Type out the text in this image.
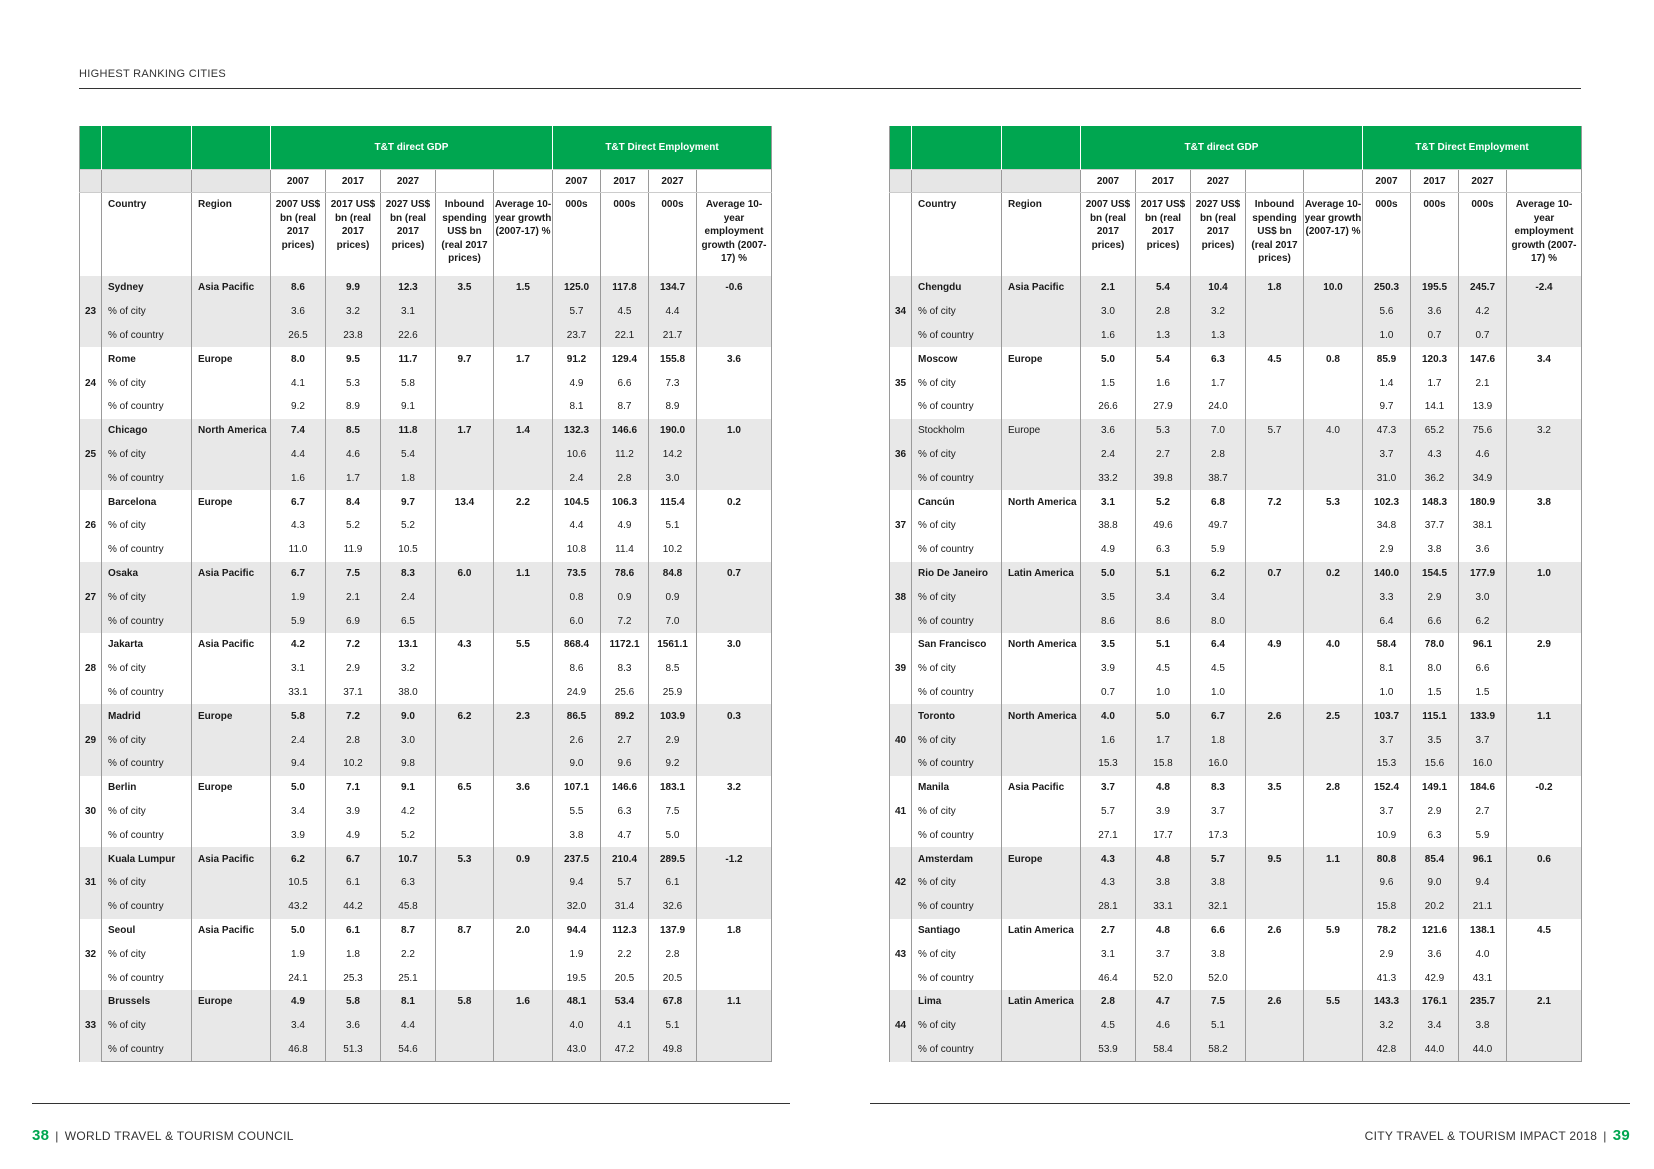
HIGHEST RANKING CITIES
			T&T direct GDP					T&T Direct Employment			
			2007	2017	2027			2007	2017	2027	
	Country	Region	2007 US$ bn (real 2017 prices)	2017 US$ bn (real 2017 prices)	2027 US$ bn (real 2017 prices)	Inbound spending US$ bn (real 2017 prices)	Average 10-year growth (2007-17) %	000s	000s	000s	Average 10-year employment growth (2007-17) %
23	Sydney	Asia Pacific	8.6	9.9	12.3	3.5	1.5	125.0	117.8	134.7	-0.6
	% of city		3.6	3.2	3.1			5.7	4.5	4.4	
	% of country		26.5	23.8	22.6			23.7	22.1	21.7	
24	Rome	Europe	8.0	9.5	11.7	9.7	1.7	91.2	129.4	155.8	3.6
	% of city		4.1	5.3	5.8			4.9	6.6	7.3	
	% of country		9.2	8.9	9.1			8.1	8.7	8.9	
25	Chicago	North America	7.4	8.5	11.8	1.7	1.4	132.3	146.6	190.0	1.0
	% of city		4.4	4.6	5.4			10.6	11.2	14.2	
	% of country		1.6	1.7	1.8			2.4	2.8	3.0	
26	Barcelona	Europe	6.7	8.4	9.7	13.4	2.2	104.5	106.3	115.4	0.2
	% of city		4.3	5.2	5.2			4.4	4.9	5.1	
	% of country		11.0	11.9	10.5			10.8	11.4	10.2	
27	Osaka	Asia Pacific	6.7	7.5	8.3	6.0	1.1	73.5	78.6	84.8	0.7
	% of city		1.9	2.1	2.4			0.8	0.9	0.9	
	% of country		5.9	6.9	6.5			6.0	7.2	7.0	
28	Jakarta	Asia Pacific	4.2	7.2	13.1	4.3	5.5	868.4	1172.1	1561.1	3.0
	% of city		3.1	2.9	3.2			8.6	8.3	8.5	
	% of country		33.1	37.1	38.0			24.9	25.6	25.9	
29	Madrid	Europe	5.8	7.2	9.0	6.2	2.3	86.5	89.2	103.9	0.3
	% of city		2.4	2.8	3.0			2.6	2.7	2.9	
	% of country		9.4	10.2	9.8			9.0	9.6	9.2	
30	Berlin	Europe	5.0	7.1	9.1	6.5	3.6	107.1	146.6	183.1	3.2
	% of city		3.4	3.9	4.2			5.5	6.3	7.5	
	% of country		3.9	4.9	5.2			3.8	4.7	5.0	
31	Kuala Lumpur	Asia Pacific	6.2	6.7	10.7	5.3	0.9	237.5	210.4	289.5	-1.2
	% of city		10.5	6.1	6.3			9.4	5.7	6.1	
	% of country		43.2	44.2	45.8			32.0	31.4	32.6	
32	Seoul	Asia Pacific	5.0	6.1	8.7	8.7	2.0	94.4	112.3	137.9	1.8
	% of city		1.9	1.8	2.2			1.9	2.2	2.8	
	% of country		24.1	25.3	25.1			19.5	20.5	20.5	
33	Brussels	Europe	4.9	5.8	8.1	5.8	1.6	48.1	53.4	67.8	1.1
	% of city		3.4	3.6	4.4			4.0	4.1	5.1	
	% of country		46.8	51.3	54.6			43.0	47.2	49.8	
			T&T direct GDP					T&T Direct Employment			
			2007	2017	2027			2007	2017	2027	
	Country	Region	2007 US$ bn (real 2017 prices)	2017 US$ bn (real 2017 prices)	2027 US$ bn (real 2017 prices)	Inbound spending US$ bn (real 2017 prices)	Average 10-year growth (2007-17) %	000s	000s	000s	Average 10-year employment growth (2007-17) %
34	Chengdu	Asia Pacific	2.1	5.4	10.4	1.8	10.0	250.3	195.5	245.7	-2.4
	% of city		3.0	2.8	3.2			5.6	3.6	4.2	
	% of country		1.6	1.3	1.3			1.0	0.7	0.7	
35	Moscow	Europe	5.0	5.4	6.3	4.5	0.8	85.9	120.3	147.6	3.4
	% of city		1.5	1.6	1.7			1.4	1.7	2.1	
	% of country		26.6	27.9	24.0			9.7	14.1	13.9	
36	Stockholm	Europe	3.6	5.3	7.0	5.7	4.0	47.3	65.2	75.6	3.2
	% of city		2.4	2.7	2.8			3.7	4.3	4.6	
	% of country		33.2	39.8	38.7			31.0	36.2	34.9	
37	Cancún	North America	3.1	5.2	6.8	7.2	5.3	102.3	148.3	180.9	3.8
	% of city		38.8	49.6	49.7			34.8	37.7	38.1	
	% of country		4.9	6.3	5.9			2.9	3.8	3.6	
38	Rio De Janeiro	Latin America	5.0	5.1	6.2	0.7	0.2	140.0	154.5	177.9	1.0
	% of city		3.5	3.4	3.4			3.3	2.9	3.0	
	% of country		8.6	8.6	8.0			6.4	6.6	6.2	
39	San Francisco	North America	3.5	5.1	6.4	4.9	4.0	58.4	78.0	96.1	2.9
	% of city		3.9	4.5	4.5			8.1	8.0	6.6	
	% of country		0.7	1.0	1.0			1.0	1.5	1.5	
40	Toronto	North America	4.0	5.0	6.7	2.6	2.5	103.7	115.1	133.9	1.1
	% of city		1.6	1.7	1.8			3.7	3.5	3.7	
	% of country		15.3	15.8	16.0			15.3	15.6	16.0	
41	Manila	Asia Pacific	3.7	4.8	8.3	3.5	2.8	152.4	149.1	184.6	-0.2
	% of city		5.7	3.9	3.7			3.7	2.9	2.7	
	% of country		27.1	17.7	17.3			10.9	6.3	5.9	
42	Amsterdam	Europe	4.3	4.8	5.7	9.5	1.1	80.8	85.4	96.1	0.6
	% of city		4.3	3.8	3.8			9.6	9.0	9.4	
	% of country		28.1	33.1	32.1			15.8	20.2	21.1	
43	Santiago	Latin America	2.7	4.8	6.6	2.6	5.9	78.2	121.6	138.1	4.5
	% of city		3.1	3.7	3.8			2.9	3.6	4.0	
	% of country		46.4	52.0	52.0			41.3	42.9	43.1	
44	Lima	Latin America	2.8	4.7	7.5	2.6	5.5	143.3	176.1	235.7	2.1
	% of city		4.5	4.6	5.1			3.2	3.4	3.8	
	% of country		53.9	58.4	58.2			42.8	44.0	44.0	
38 | WORLD TRAVEL & TOURISM COUNCIL	CITY TRAVEL & TOURISM IMPACT 2018 | 39
